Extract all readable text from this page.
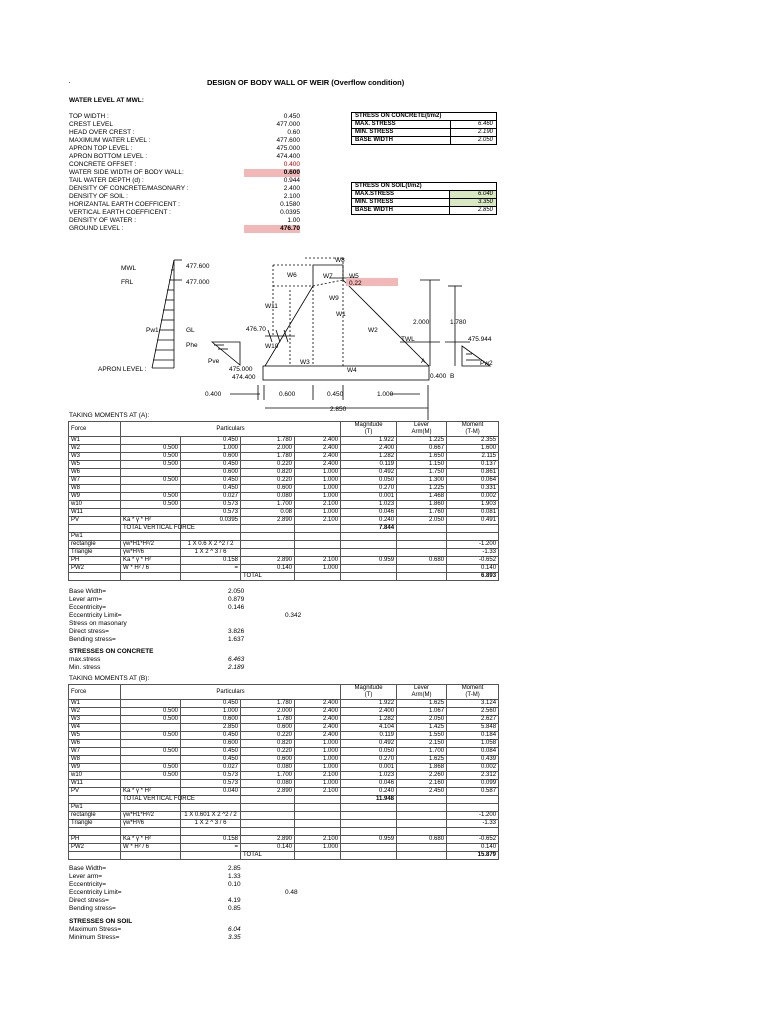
·	DESIGN OF BODY WALL OF WEIR (Overflow condition)
WATER LEVEL AT MWL:
TOP WIDTH :	0.450
CREST LEVEL	477.000
HEAD OVER CREST :	0.60
MAXIMUM WATER LEVEL :	477.600
APRON TOP LEVEL :	475.000
APRON BOTTOM LEVEL :	474.400
CONCRETE OFFSET :	0.400
WATER SIDE WIDTH OF BODY WALL:	0.600
TAIL WATER DEPTH (d) :	0.944
DENSITY OF CONCRETE/MASONARY :	2.400
DENSITY OF SOIL :	2.100
HORIZANTAL EARTH COEFFICENT :	0.1580
VERTICAL EARTH COEFFICENT :	0.0395
DENSITY OF WATER :	1.00
GROUND LEVEL :	476.70
STRESS ON CONCRETE(t/m2)	
MAX. STRESS	6.460
MIN. STRESS	2.190
BASE WIDTH	2.050
STRESS ON SOIL(t/m2)	
MAX.STRESS	6.040
MIN. STRESS	3.350
BASE WIDTH	2.850
MWL	477.600
FRL	477.000
Pw1	GL
Phe
APRON LEVEL :	475.000
474.400
Pve
0.22
476.70
W6	W7
W8
W5
W9
W11
W1
W2
W10
W3
W4
2.000	1.780
TWL	475.944
A	Pw2
0.400 B
0.400	0.600	0.450	1.000
2.850
TAKING MOMENTS AT (A):
Force	Particulars				Magnitude
(T)	Lever
Arm(M)	Moment
(T-M)
W1		0.450	1.780	2.400	1.922	1.225	2.355
W2	0.500	1.000	2.000	2.400	2.400	0.667	1.600
W3	0.500	0.600	1.780	2.400	1.282	1.650	2.115
W5	0.500	0.450	0.220	2.400	0.119	1.150	0.137
W6		0.600	0.820	1.000	0.492	1.750	0.861
W7	0.500	0.450	0.220	1.000	0.050	1.300	0.064
W8		0.450	0.600	1.000	0.270	1.225	0.331
W9	0.500	0.027	0.080	1.000	0.001	1.468	0.002
w10	0.500	0.573	1.700	2.100	1.023	1.860	1.903
W11		0.573	0.08	1.000	0.046	1.760	0.081
PV	Ka * γ * H²	0.0395	2.890	2.100	0.240	2.050	0.491
	TOTAL VERTICAL FORCE				7.844		
Pw1							
rectangle	γw*H1*H²/2	1 X 0.6 X 2 ^2 / 2					-1.200
Triangle	γw*H³/6	1 X 2 ^ 3 / 6					-1.33
PH	Ka * γ * H²	0.158	2.890	2.100	0.959	0.680	-0.652
PW2	W * H² / 6	=	0.140	1.000			0.140
			TOTAL				6.893
Base Width=	2.050
Lever arm=	0.879
Eccentricity=	0.146
Eccentricity Limit=	0.342
Stress on masonary
Direct stress=	3.826
Bending stress=	1.637
STRESSES ON CONCRETE
max.stress	6.463
Min. stress	2.189
TAKING MOMENTS AT (B):
Force	Particulars				Magnitude
(T)	Lever
Arm(M)	Moment
(T-M)
W1		0.450	1.780	2.400	1.922	1.625	3.124
W2	0.500	1.000	2.000	2.400	2.400	1.067	2.560
W3	0.500	0.600	1.780	2.400	1.282	2.050	2.627
W4		2.850	0.600	2.400	4.104	1.425	5.848
W5	0.500	0.450	0.220	2.400	0.119	1.550	0.184
W6		0.600	0.820	1.000	0.492	2.150	1.058
W7	0.500	0.450	0.220	1.000	0.050	1.700	0.084
W8		0.450	0.600	1.000	0.270	1.625	0.439
W9	0.500	0.027	0.080	1.000	0.001	1.868	0.002
w10	0.500	0.573	1.700	2.100	1.023	2.260	2.312
W11		0.573	0.080	1.000	0.046	2.160	0.099
PV	Ka * γ * H²	0.040	2.890	2.100	0.240	2.450	0.587
	TOTAL VERTICAL FORCE				11.948		
Pw1							
rectangle	γw*H1*H²/2	1 X 0.601 X 2 ^2 / 2					-1.200
Triangle	γw*H³/6	1 X 2 ^ 3 / 6					-1.33

PH	Ka * γ * H²	0.158	2.890	2.100	0.959	0.680	-0.652
PW2	W * H² / 6	=	0.140	1.000			0.140
			TOTAL				15.879
Base Width=	2.85
Lever arm=	1.33
Eccentricity=	0.10
Eccentricity Limit=	0.48
Direct stress=	4.19
Bending stress=	0.85
STRESSES ON SOIL
Maximum Stress=	6.04
Minimum Stress=	3.35
